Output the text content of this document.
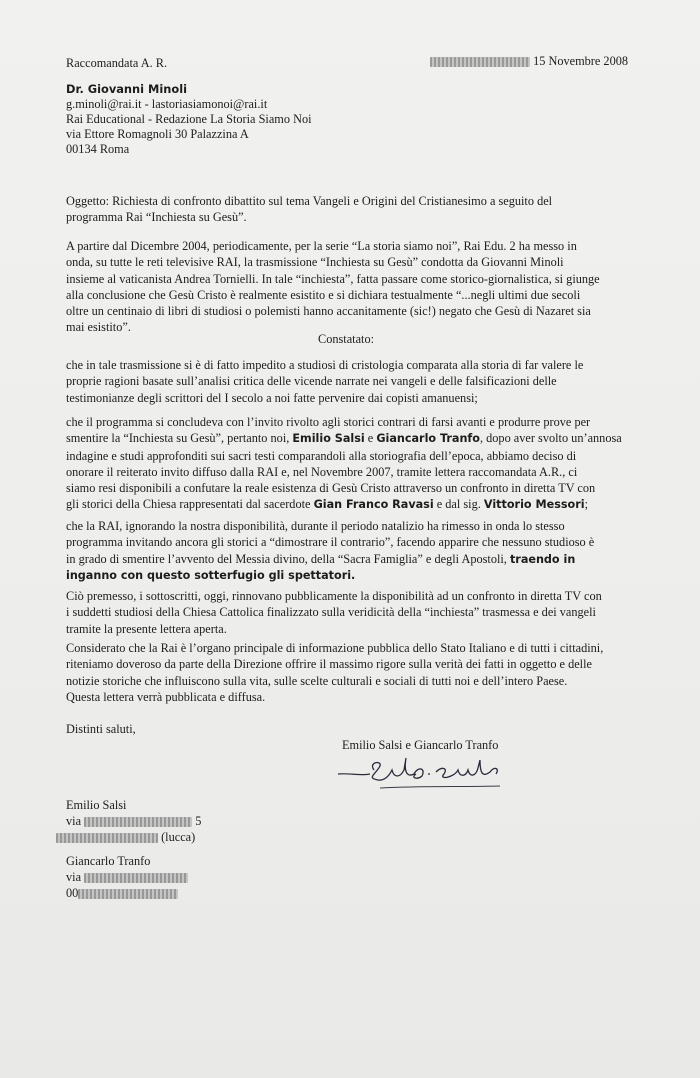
Raccomandata A. R.	15 Novembre 2008
Dr. Giovanni Minoli
g.minoli@rai.it - lastoriasiamonoi@rai.it
Rai Educational - Redazione La Storia Siamo Noi
via Ettore Romagnoli 30 Palazzina A
00134 Roma
Oggetto: Richiesta di confronto dibattito sul tema Vangeli e Origini del Cristianesimo a seguito del
programma Rai “Inchiesta su Gesù”.
A partire dal Dicembre 2004, periodicamente, per la serie “La storia siamo noi”, Rai Edu. 2 ha messo in
onda, su tutte le reti televisive RAI, la trasmissione “Inchiesta su Gesù” condotta da Giovanni Minoli
insieme al vaticanista Andrea Tornielli. In tale “inchiesta”, fatta passare come storico-giornalistica, si giunge
alla conclusione che Gesù Cristo è realmente esistito e si dichiara testualmente “...negli ultimi due secoli
oltre un centinaio di libri di studiosi o polemisti hanno accanitamente (sic!) negato che Gesù di Nazaret sia
mai esistito”.
Constatato:
che in tale trasmissione si è di fatto impedito a studiosi di cristologia comparata alla storia di far valere le
proprie ragioni basate sull’analisi critica delle vicende narrate nei vangeli e delle falsificazioni delle
testimonianze degli scrittori del I secolo a noi fatte pervenire dai copisti amanuensi;
che il programma si concludeva con l’invito rivolto agli storici contrari di farsi avanti e produrre prove per
smentire la “Inchiesta su Gesù”, pertanto noi, Emilio Salsi e Giancarlo Tranfo, dopo aver svolto un’annosa
indagine e studi approfonditi sui sacri testi comparandoli alla storiografia dell’epoca, abbiamo deciso di
onorare il reiterato invito diffuso dalla RAI e, nel Novembre 2007, tramite lettera raccomandata A.R., ci
siamo resi disponibili a confutare la reale esistenza di Gesù Cristo attraverso un confronto in diretta TV con
gli storici della Chiesa rappresentati dal sacerdote Gian Franco Ravasi e dal sig. Vittorio Messori;
che la RAI, ignorando la nostra disponibilità, durante il periodo natalizio ha rimesso in onda lo stesso
programma invitando ancora gli storici a “dimostrare il contrario”, facendo apparire che nessuno studioso è
in grado di smentire l’avvento del Messia divino, della “Sacra Famiglia” e degli Apostoli, traendo in
inganno con questo sotterfugio gli spettatori.
Ciò premesso, i sottoscritti, oggi, rinnovano pubblicamente la disponibilità ad un confronto in diretta TV con
i suddetti studiosi della Chiesa Cattolica finalizzato sulla veridicità della “inchiesta” trasmessa e dei vangeli
tramite la presente lettera aperta.
Considerato che la Rai è l’organo principale di informazione pubblica dello Stato Italiano e di tutti i cittadini,
riteniamo doveroso da parte della Direzione offrire il massimo rigore sulla verità dei fatti in oggetto e delle
notizie storiche che influiscono sulla vita, sulle scelte culturali e sociali di tutti noi e dell’intero Paese.
Questa lettera verrà pubblicata e diffusa.
Distinti saluti,
Emilio Salsi e Giancarlo Tranfo
Emilio Salsi
via	5
(lucca)
Giancarlo Tranfo
via
00
